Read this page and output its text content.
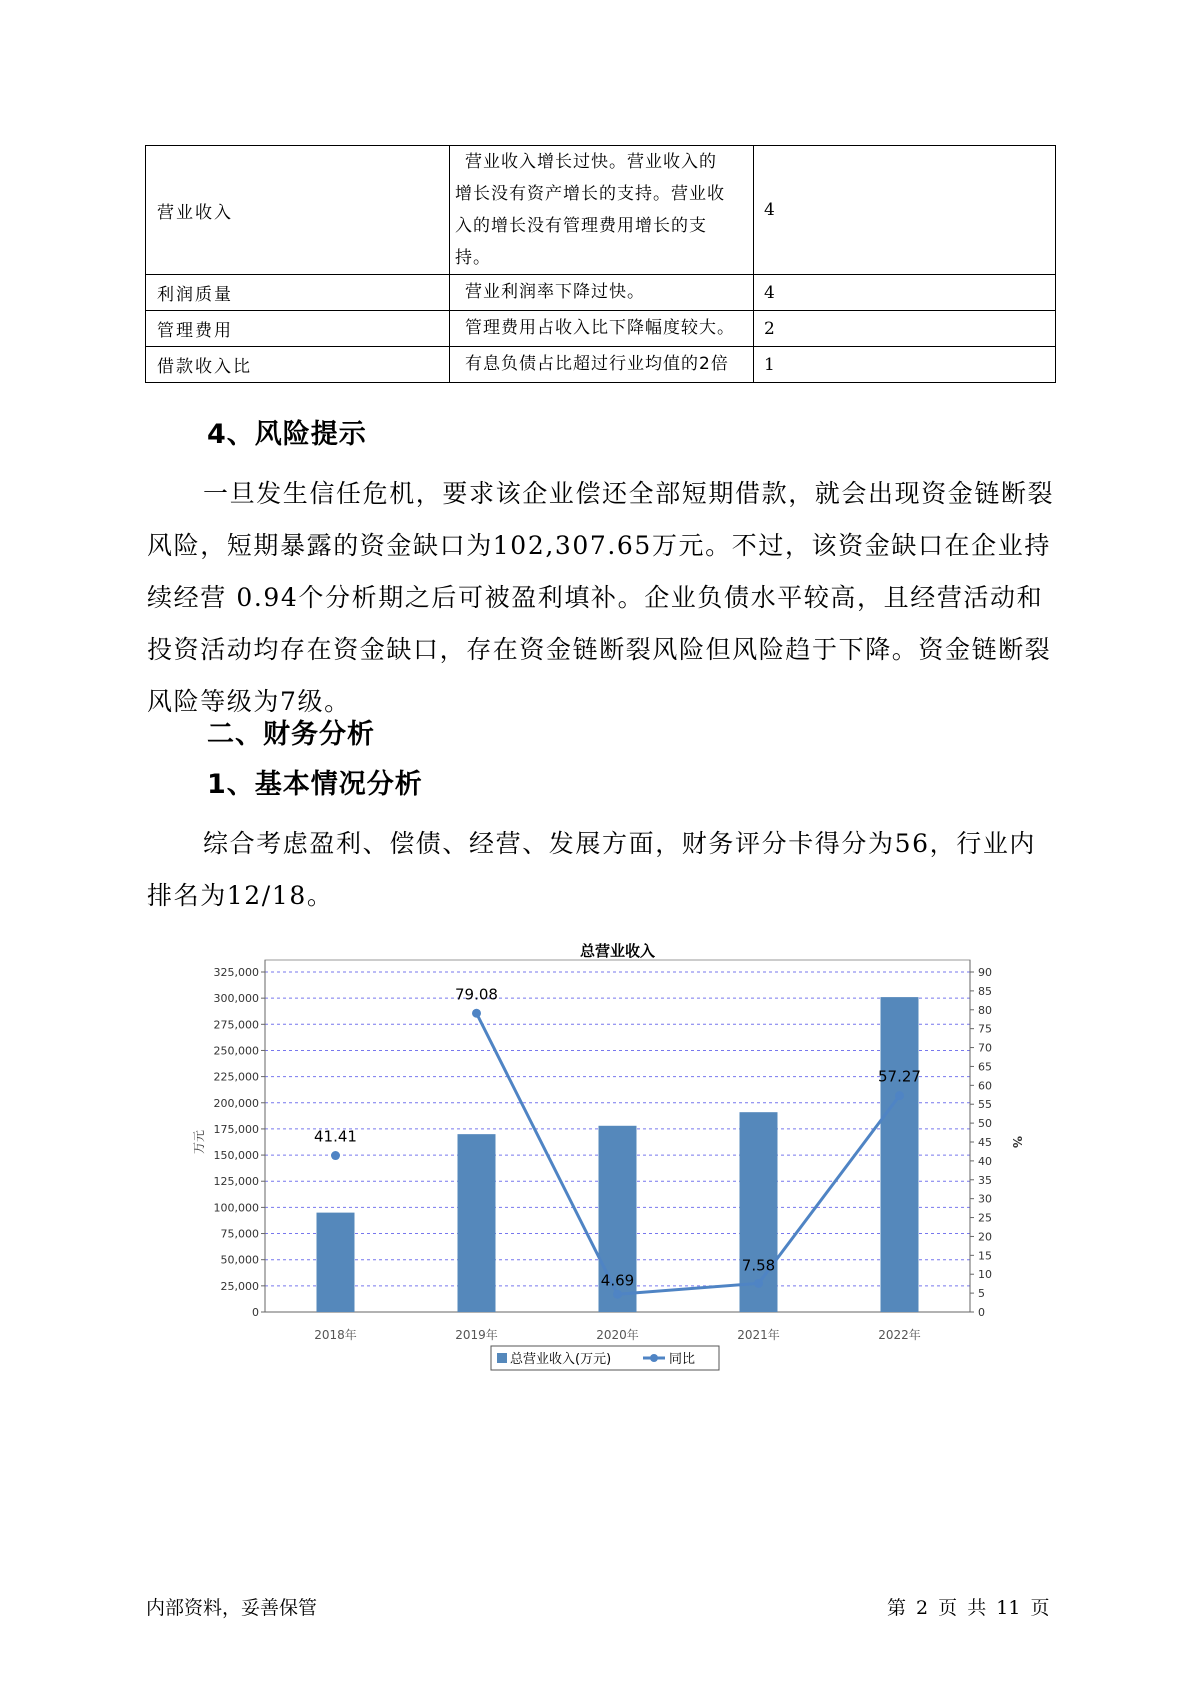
营业收入	营业收入增长过快。营业收入的
增长没有资产增长的支持。营业收
入的增长没有管理费用增长的支
持。	4
利润质量	营业利润率下降过快。	4
管理费用	管理费用占收入比下降幅度较大。	2
借款收入比	有息负债占比超过行业均值的2倍	1
4、风险提示

一旦发生信任危机，要求该企业偿还全部短期借款，就会出现资金链断裂风险，短期暴露的资金缺口为102,307.65万元。不过，该资金缺口在企业持续经营 0.94个分析期之后可被盈利填补。企业负债水平较高，且经营活动和投资活动均存在资金缺口，存在资金链断裂风险但风险趋于下降。资金链断裂风险等级为7级。

二、财务分析
1、基本情况分析

综合考虑盈利、偿债、经营、发展方面，财务评分卡得分为56，行业内排名为12/18。

总营业收入
0
25,000
50,000
75,000
100,000
125,000
150,000
175,000
200,000
225,000
250,000
275,000
300,000
325,000
0
5
10
15
20
25
30
35
40
45
50
55
60
65
70
75
80
85
90
万元	%
2018年	2019年	2020年	2021年	2022年
41.41
79.08
4.69
7.58
57.27
总营业收入(万元)	同比
内部资料，妥善保管	第 2 页 共 11 页
